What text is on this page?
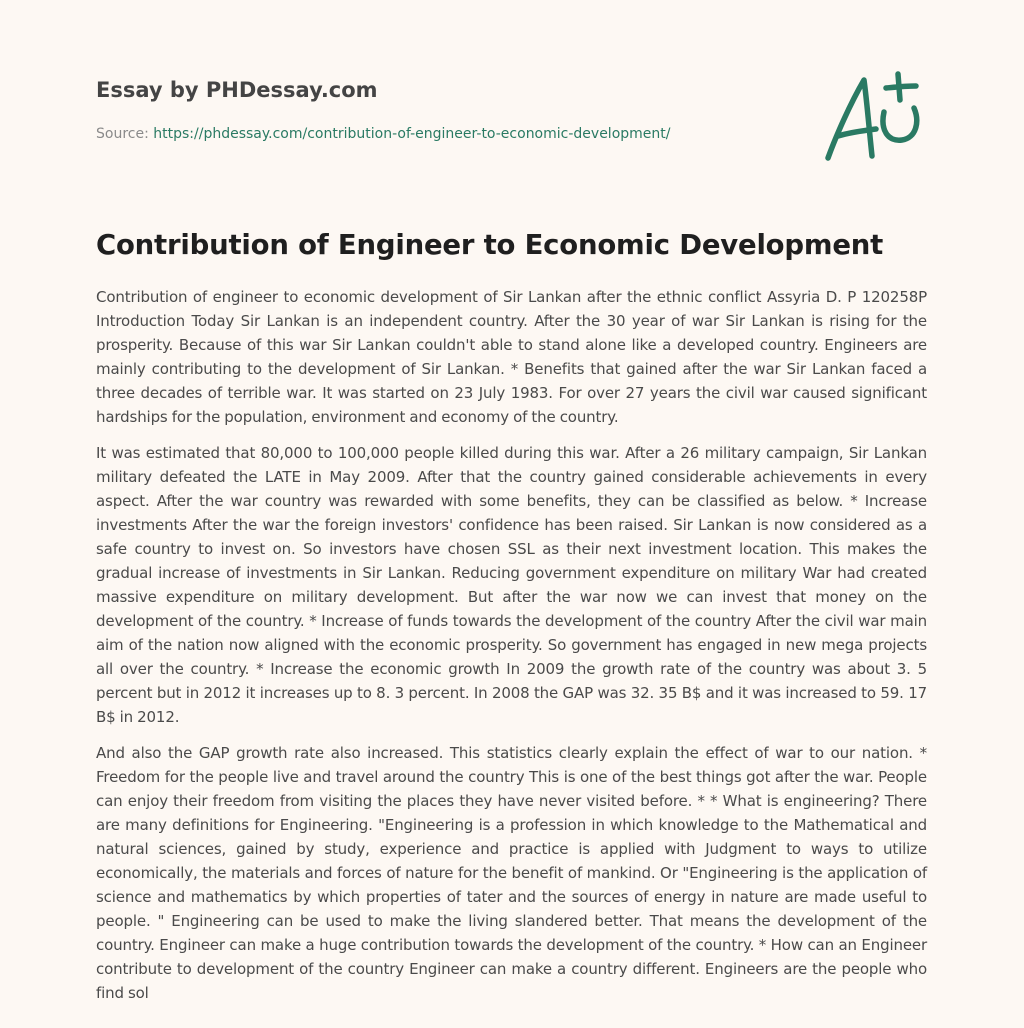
Essay by PHDessay.com
Source: https://phdessay.com/contribution-of-engineer-to-economic-development/
Contribution of Engineer to Economic Development

Contribution of engineer to economic development of Sir Lankan after the ethnic conflict Assyria D. P 120258P Introduction Today Sir Lankan is an independent country. After the 30 year of war Sir Lankan is rising for the prosperity. Because of this war Sir Lankan couldn't able to stand alone like a developed country. Engineers are mainly contributing to the development of Sir Lankan. * Benefits that gained after the war Sir Lankan faced a three decades of terrible war. It was started on 23 July 1983. For over 27 years the civil war caused significant hardships for the population, environment and economy of the country.

It was estimated that 80,000 to 100,000 people killed during this war. After a 26 military campaign, Sir Lankan military defeated the LATE in May 2009. After that the country gained considerable achievements in every aspect. After the war country was rewarded with some benefits, they can be classified as below. * Increase investments After the war the foreign investors' confidence has been raised. Sir Lankan is now considered as a safe country to invest on. So investors have chosen SSL as their next investment location. This makes the gradual increase of investments in Sir Lankan. Reducing government expenditure on military War had created massive expenditure on military development. But after the war now we can invest that money on the development of the country. * Increase of funds towards the development of the country After the civil war main aim of the nation now aligned with the economic prosperity. So government has engaged in new mega projects all over the country. * Increase the economic growth In 2009 the growth rate of the country was about 3. 5 percent but in 2012 it increases up to 8. 3 percent. In 2008 the GAP was 32. 35 B$ and it was increased to 59. 17 B$ in 2012.

And also the GAP growth rate also increased. This statistics clearly explain the effect of war to our nation. * Freedom for the people live and travel around the country This is one of the best things got after the war. People can enjoy their freedom from visiting the places they have never visited before. * * What is engineering? There are many definitions for Engineering. "Engineering is a profession in which knowledge to the Mathematical and natural sciences, gained by study, experience and practice is applied with Judgment to ways to utilize economically, the materials and forces of nature for the benefit of mankind. Or "Engineering is the application of science and mathematics by which properties of tater and the sources of energy in nature are made useful to people. " Engineering can be used to make the living slandered better. That means the development of the country. Engineer can make a huge contribution towards the development of the country. * How can an Engineer contribute to development of the country Engineer can make a country different. Engineers are the people who find sol
